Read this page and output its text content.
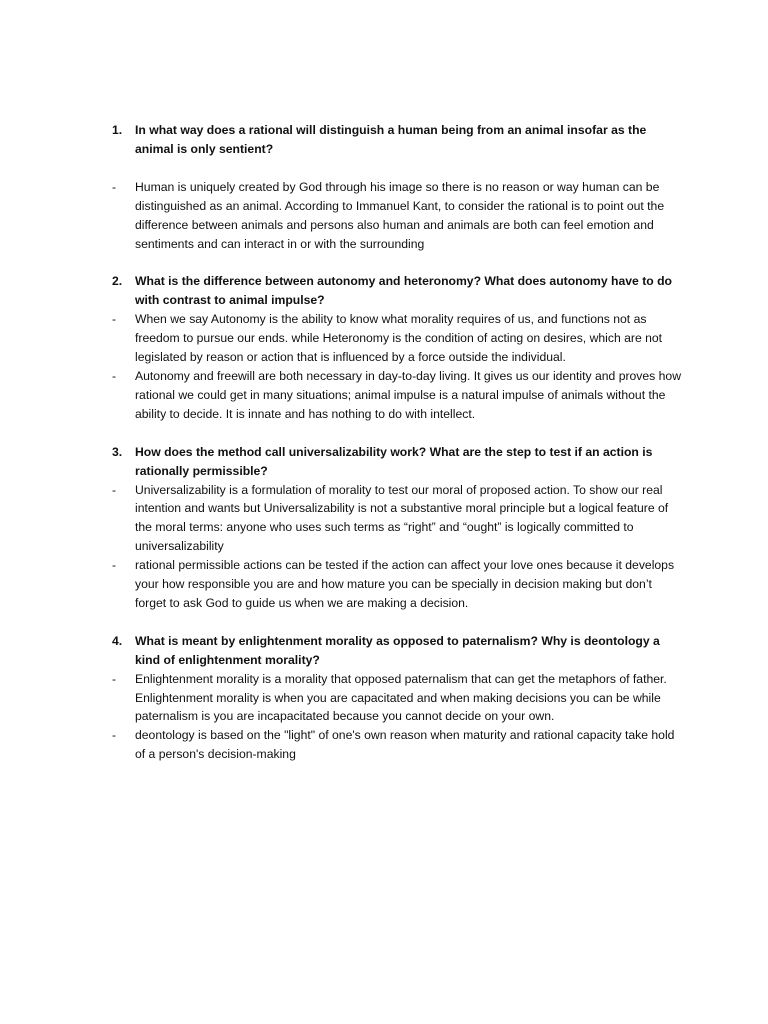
1.	In what way does a rational will distinguish a human being from an animal insofar as the animal is only sentient?

-	Human is uniquely created by God through his image so there is no reason or way human can be distinguished as an animal. According to Immanuel Kant, to consider the rational is to point out the difference between animals and persons also human and animals are both can feel emotion and sentiments and can interact in or with the surrounding

2.	What is the difference between autonomy and heteronomy? What does autonomy have to do with contrast to animal impulse?

-	When we say Autonomy is the ability to know what morality requires of us, and functions not as freedom to pursue our ends. while Heteronomy is the condition of acting on desires, which are not legislated by reason or action that is influenced by a force outside the individual.

-	Autonomy and freewill are both necessary in day-to-day living. It gives us our identity and proves how rational we could get in many situations; animal impulse is a natural impulse of animals without the ability to decide. It is innate and has nothing to do with intellect.

3.	How does the method call universalizability work? What are the step to test if an action is rationally permissible?

-	Universalizability is a formulation of morality to test our moral of proposed action. To show our real intention and wants but Universalizability is not a substantive moral principle but a logical feature of the moral terms: anyone who uses such terms as “right” and “ought” is logically committed to universalizability

-	rational permissible actions can be tested if the action can affect your love ones because it develops your how responsible you are and how mature you can be specially in decision making but don’t forget to ask God to guide us when we are making a decision.

4.	What is meant by enlightenment morality as opposed to paternalism? Why is deontology a kind of enlightenment morality?

-	Enlightenment morality is a morality that opposed paternalism that can get the metaphors of father. Enlightenment morality is when you are capacitated and when making decisions you can be while paternalism is you are incapacitated because you cannot decide on your own.

-	deontology is based on the "light" of one's own reason when maturity and rational capacity take hold of a person's decision-making
